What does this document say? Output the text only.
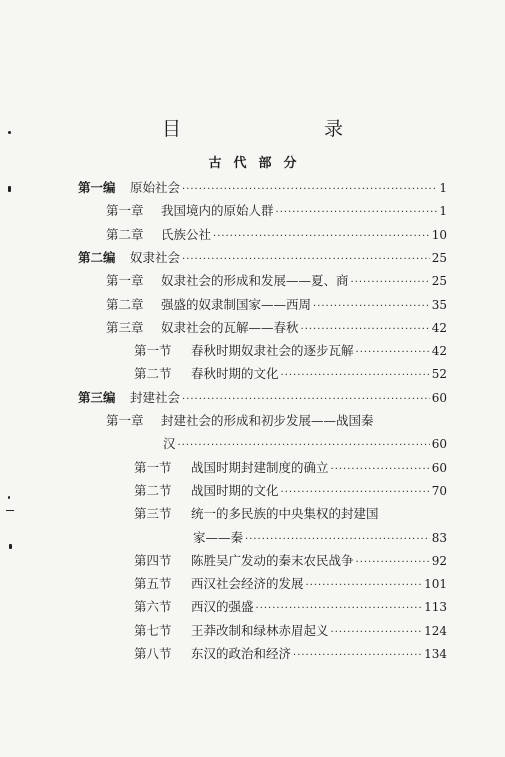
目　录
古代部分
第一编	原始社会 ·····	1
第一章	我国境内的原始人群 ·····	1
第二章	氏族公社 ·····	10
第二编	奴隶社会 ·····	25
第一章	奴隶社会的形成和发展——夏、商 ·····	25
第二章	强盛的奴隶制国家——西周 ·····	35
第三章	奴隶社会的瓦解——春秋 ·····	42
第一节	春秋时期奴隶社会的逐步瓦解 ·····	42
第二节	春秋时期的文化 ·····	52
第三编	封建社会 ·····	60
第一章	封建社会的形成和初步发展——战国秦
汉 ·····	60
第一节	战国时期封建制度的确立 ·····	60
第二节	战国时期的文化 ·····	70
第三节	统一的多民族的中央集权的封建国
家——秦 ·····	83
第四节	陈胜吴广发动的秦末农民战争 ·····	92
第五节	西汉社会经济的发展 ·····	101
第六节	西汉的强盛 ·····	113
第七节	王莽改制和绿林赤眉起义 ·····	124
第八节	东汉的政治和经济 ·····	134
